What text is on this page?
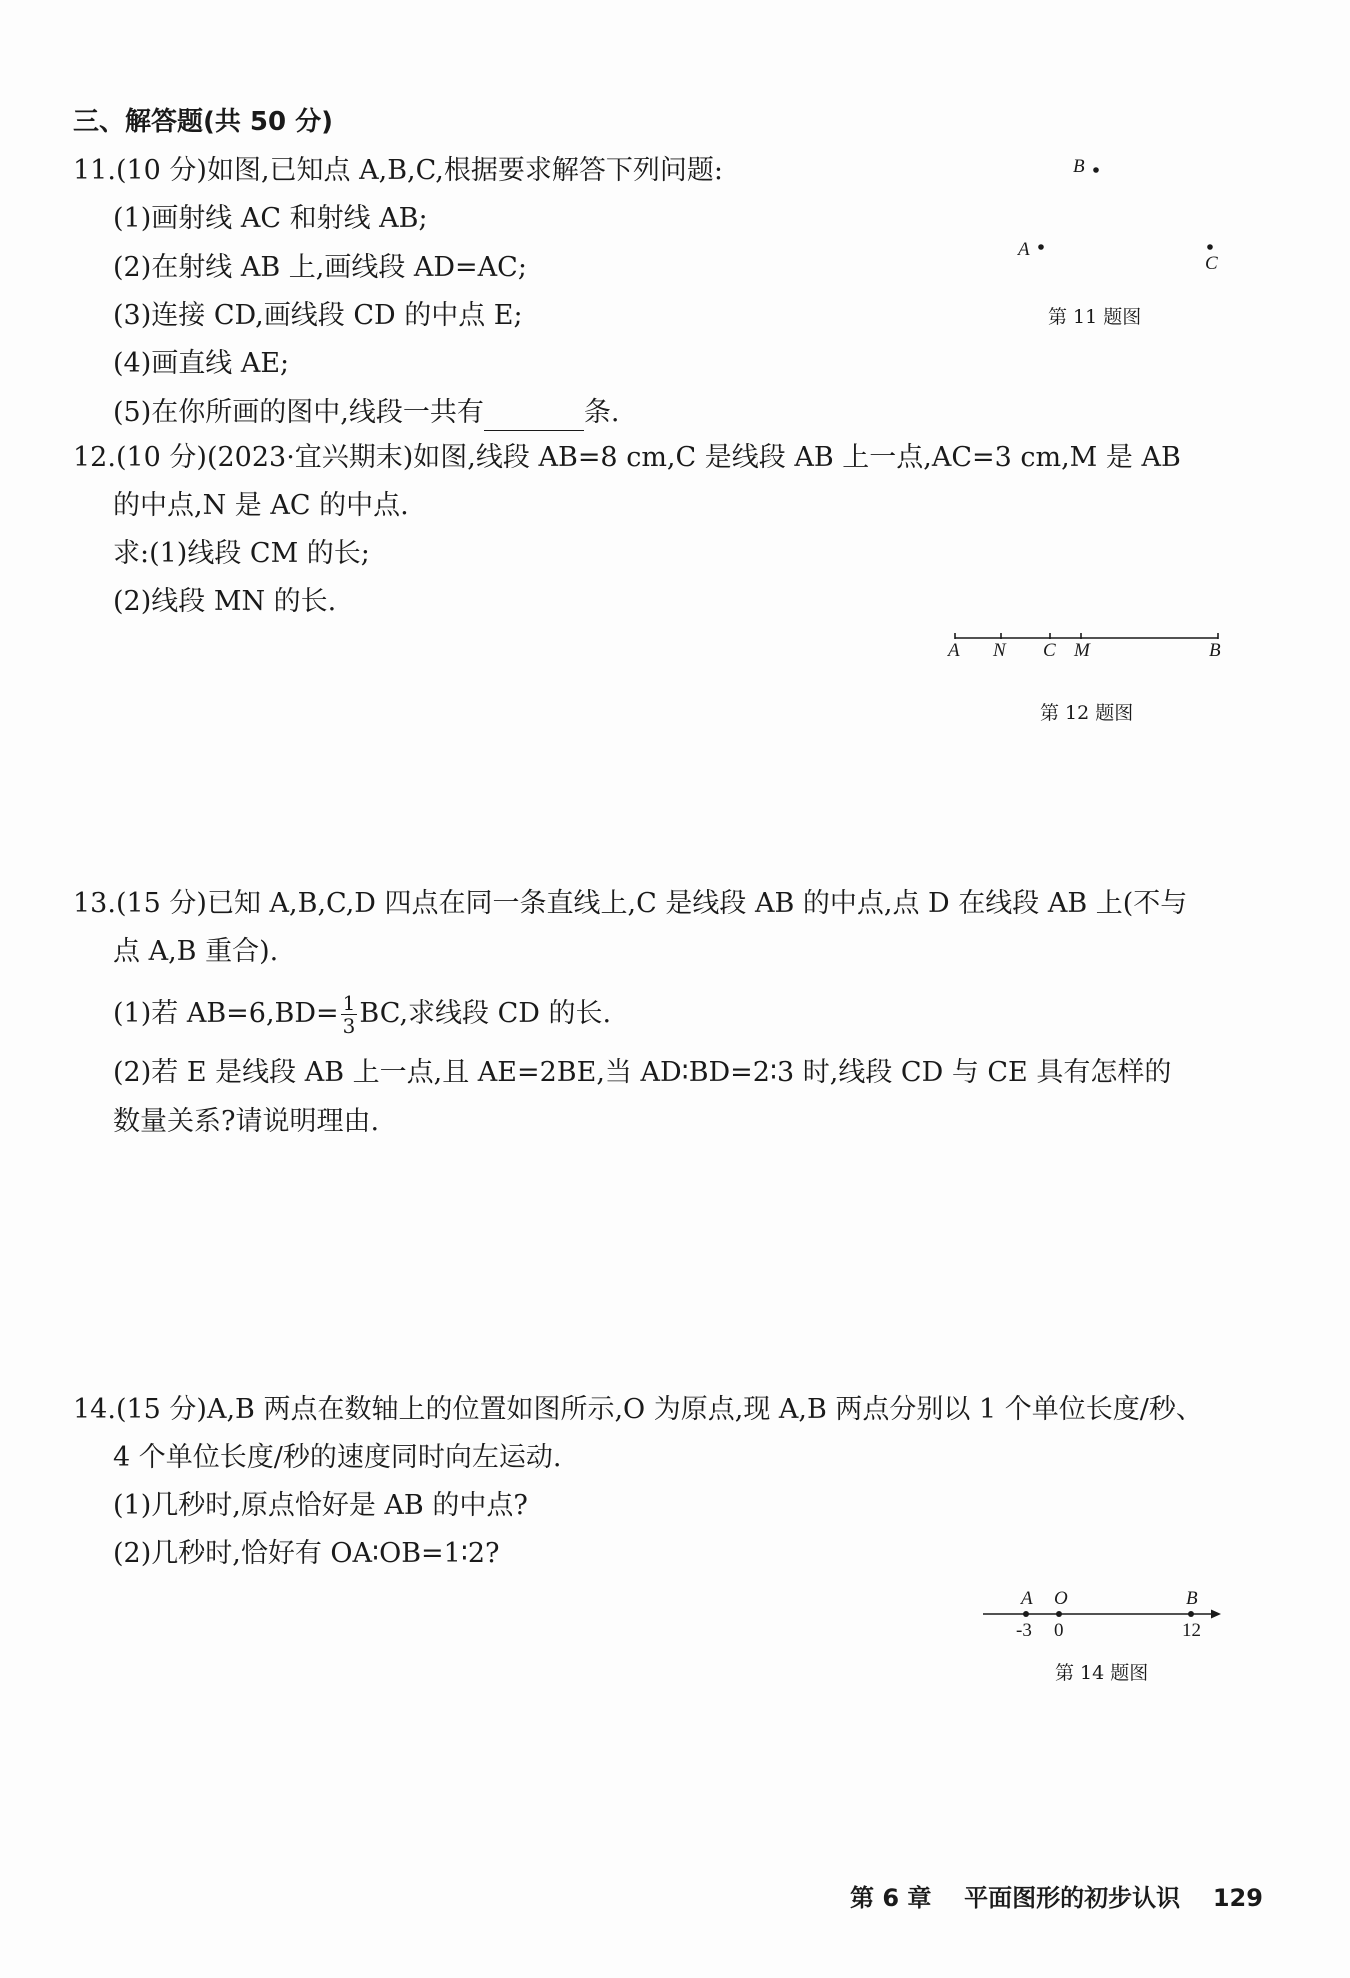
三、解答题(共 50 分)
11.(10 分)如图,已知点 A,B,C,根据要求解答下列问题:
(1)画射线 AC 和射线 AB;
(2)在射线 AB 上,画线段 AD=AC;
(3)连接 CD,画线段 CD 的中点 E;
(4)画直线 AE;
(5)在你所画的图中,线段一共有	条.
B
A
C
第 11 题图
12.(10 分)(2023·宜兴期末)如图,线段 AB=8 cm,C 是线段 AB 上一点,AC=3 cm,M 是 AB
的中点,N 是 AC 的中点.
求:(1)线段 CM 的长;
(2)线段 MN 的长.
A N C M	B
第 12 题图
13.(15 分)已知 A,B,C,D 四点在同一条直线上,C 是线段 AB 的中点,点 D 在线段 AB 上(不与
点 A,B 重合).
(1)若 $AB=6,BD= \frac{1}{3}$ BC,求线段 CD 的长.
(2)若 E 是线段 AB 上一点,且 AE=2BE,当 AD∶BD=2∶3 时,线段 CD 与 CE 具有怎样的
数量关系?请说明理由.
14.(15 分)A,B 两点在数轴上的位置如图所示,O 为原点,现 A,B 两点分别以 1 个单位长度/秒、
4 个单位长度/秒的速度同时向左运动.
(1)几秒时,原点恰好是 AB 的中点?
(2)几秒时,恰好有 OA∶OB=1∶2?
A O	B
-3 0	12
第 14 题图
第 6 章 平面图形的初步认识 129
